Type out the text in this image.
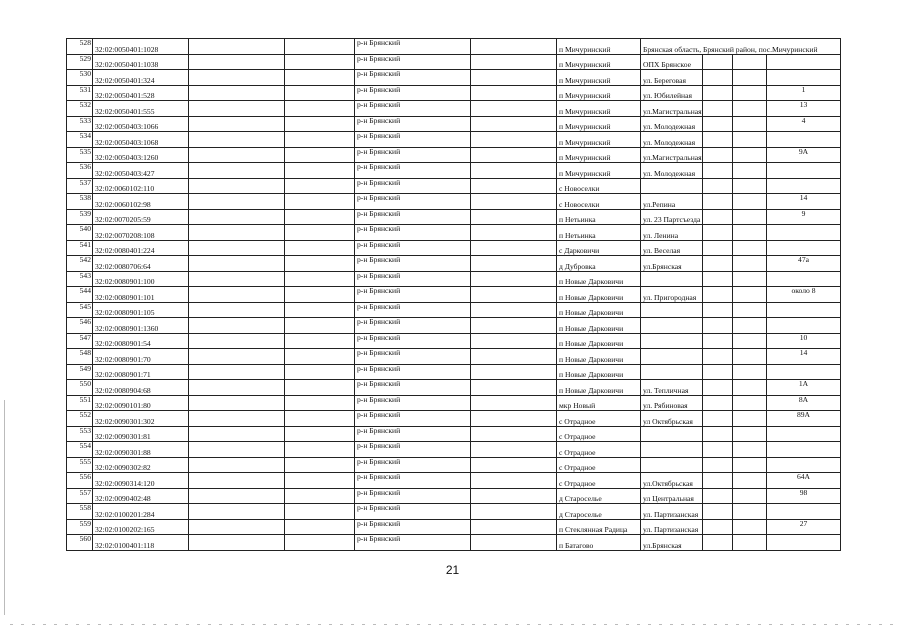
528	32:02:0050401:1028			р-н Брянский		п Мичуринский	Брянская область, Брянский район, пос.Мичуринский			
529	32:02:0050401:1038			р-н Брянский		п Мичуринский	ОПХ Брянское			
530	32:02:0050401:324			р-н Брянский		п Мичуринский	ул. Береговая			
531	32:02:0050401:528			р-н Брянский		п Мичуринский	ул. Юбилейная			1
532	32:02:0050401:555			р-н Брянский		п Мичуринский	ул.Магистральная			13
533	32:02:0050403:1066			р-н Брянский		п Мичуринский	ул. Молодежная			4
534	32:02:0050403:1068			р-н Брянский		п Мичуринский	ул. Молодежная			
535	32:02:0050403:1260			р-н Брянский		п Мичуринский	ул.Магистральная			9А
536	32:02:0050403:427			р-н Брянский		п Мичуринский	ул. Молодежная			
537	32:02:0060102:110			р-н Брянский		с Новоселки				
538	32:02:0060102:98			р-н Брянский		с Новоселки	ул.Репина			14
539	32:02:0070205:59			р-н Брянский		п Нетьинка	ул. 23 Партсъезда			9
540	32:02:0070208:108			р-н Брянский		п Нетьинка	ул. Ленина			
541	32:02:0080401:224			р-н Брянский		с Дарковичи	ул. Веселая			
542	32:02:0080706:64			р-н Брянский		д Дубровка	ул.Брянская			47а
543	32:02:0080901:100			р-н Брянский		п Новые Дарковичи				
544	32:02:0080901:101			р-н Брянский		п Новые Дарковичи	ул. Пригородная			около 8
545	32:02:0080901:105			р-н Брянский		п Новые Дарковичи				
546	32:02:0080901:1360			р-н Брянский		п Новые Дарковичи				
547	32:02:0080901:54			р-н Брянский		п Новые Дарковичи				10
548	32:02:0080901:70			р-н Брянский		п Новые Дарковичи				14
549	32:02:0080901:71			р-н Брянский		п Новые Дарковичи				
550	32:02:0080904:68			р-н Брянский		п Новые Дарковичи	ул. Тепличная			1А
551	32:02:0090101:80			р-н Брянский		мкр Новый	ул. Рябиновая			8А
552	32:02:0090301:302			р-н Брянский		с Отрадное	ул Октябрьская			89А
553	32:02:0090301:81			р-н Брянский		с Отрадное				
554	32:02:0090301:88			р-н Брянский		с Отрадное				
555	32:02:0090302:82			р-н Брянский		с Отрадное				
556	32:02:0090314:120			р-н Брянский		с Отрадное	ул.Октябрьская			64А
557	32:02:0090402:48			р-н Брянский		д Староселье	ул Центральная			98
558	32:02:0100201:284			р-н Брянский		д Староселье	ул. Партизанская			
559	32:02:0100202:165			р-н Брянский		п Стеклянная Радица	ул. Партизанская			27
560	32:02:0100401:118			р-н Брянский		п Батагово	ул.Брянская			
21
